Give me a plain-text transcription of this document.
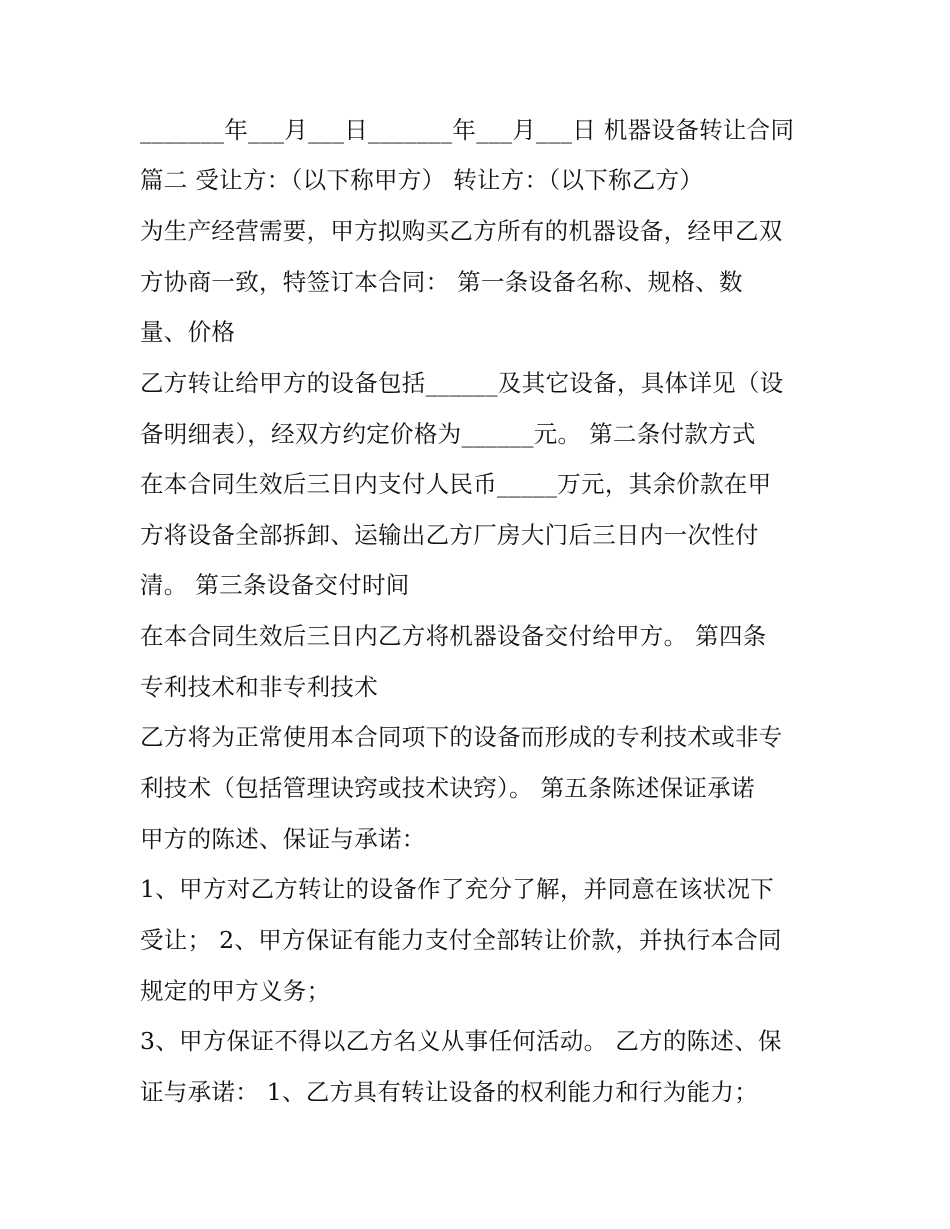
_______年___月___日_______年___月___日 机器设备转让合同
篇二 受让方：（以下称甲方） 转让方：（以下称乙方）
为生产经营需要，甲方拟购买乙方所有的机器设备，经甲乙双
方协商一致，特签订本合同： 第一条设备名称、规格、数
量、价格
乙方转让给甲方的设备包括______及其它设备，具体详见（设
备明细表），经双方约定价格为______元。 第二条付款方式
在本合同生效后三日内支付人民币_____万元，其余价款在甲
方将设备全部拆卸、运输出乙方厂房大门后三日内一次性付
清。 第三条设备交付时间
在本合同生效后三日内乙方将机器设备交付给甲方。 第四条
专利技术和非专利技术
乙方将为正常使用本合同项下的设备而形成的专利技术或非专
利技术（包括管理诀窍或技术诀窍）。 第五条陈述保证承诺
甲方的陈述、保证与承诺：
1、甲方对乙方转让的设备作了充分了解，并同意在该状况下
受让； 2、甲方保证有能力支付全部转让价款，并执行本合同
规定的甲方义务；
3、甲方保证不得以乙方名义从事任何活动。 乙方的陈述、保
证与承诺： 1、乙方具有转让设备的权利能力和行为能力；
